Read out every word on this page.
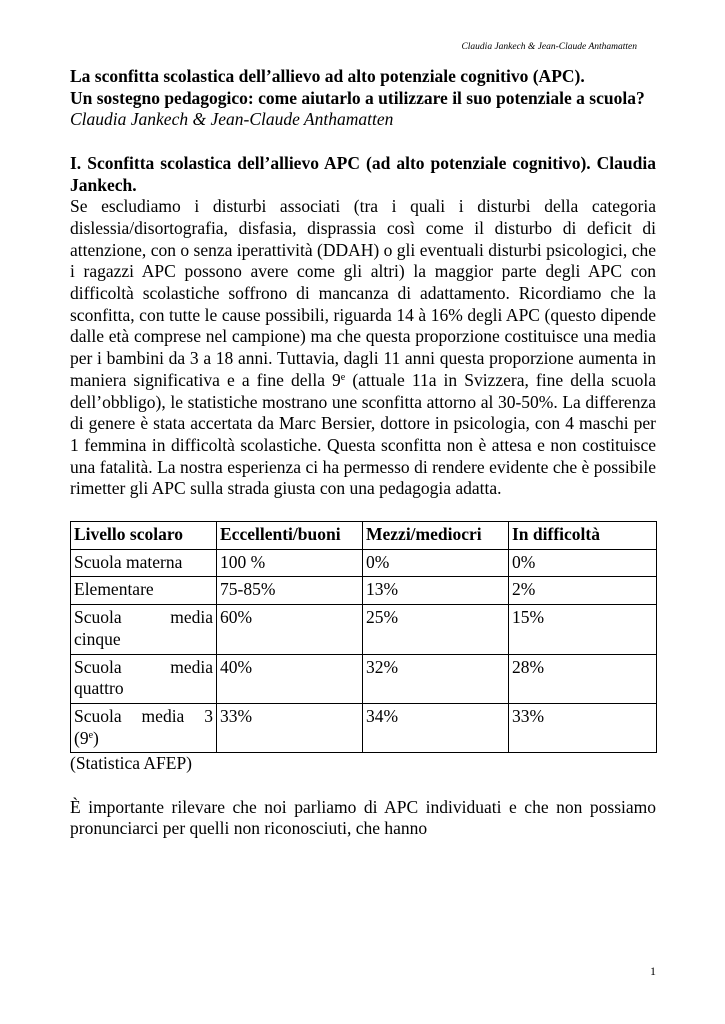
Claudia Jankech & Jean-Claude Anthamatten
La sconfitta scolastica dell’allievo ad alto potenziale cognitivo (APC).
Un sostegno pedagogico: come aiutarlo a utilizzare il suo potenziale a scuola?
Claudia Jankech & Jean-Claude Anthamatten
I. Sconfitta scolastica dell’allievo APC (ad alto potenziale cognitivo). Claudia Jankech.

Se escludiamo i disturbi associati (tra i quali i disturbi della categoria dislessia/disortografia, disfasia, disprassia così come il disturbo di deficit di attenzione, con o senza iperattività (DDAH) o gli eventuali disturbi psicologici, che i ragazzi APC possono avere come gli altri) la maggior parte degli APC con difficoltà scolastiche soffrono di mancanza di adattamento. Ricordiamo che la sconfitta, con tutte le cause possibili, riguarda 14 à 16% degli APC (questo dipende dalle età comprese nel campione) ma che questa proporzione costituisce una media per i bambini da 3 a 18 anni. Tuttavia, dagli 11 anni questa proporzione aumenta in maniera significativa e a fine della 9e (attuale 11a in Svizzera, fine della scuola dell’obbligo), le statistiche mostrano une sconfitta attorno al 30-50%. La differenza di genere è stata accertata da Marc Bersier, dottore in psicologia, con 4 maschi per 1 femmina in difficoltà scolastiche. Questa sconfitta non è attesa e non costituisce una fatalità. La nostra esperienza ci ha permesso di rendere evidente che è possibile rimetter gli APC sulla strada giusta con una pedagogia adatta.

Livello scolaro	Eccellenti/buoni	Mezzi/mediocri	In difficoltà
Scuola materna	100 %	0%	0%
Elementare	75-85%	13%	2%

Scuola media
cinque	60%	25%	15%

Scuola media
quattro	40%	32%	28%

Scuola media 3
(9e)	33%	34%	33%
(Statistica AFEP)

È importante rilevare che noi parliamo di APC individuati e che non possiamo pronunciarci per quelli non riconosciuti, che hanno

1
